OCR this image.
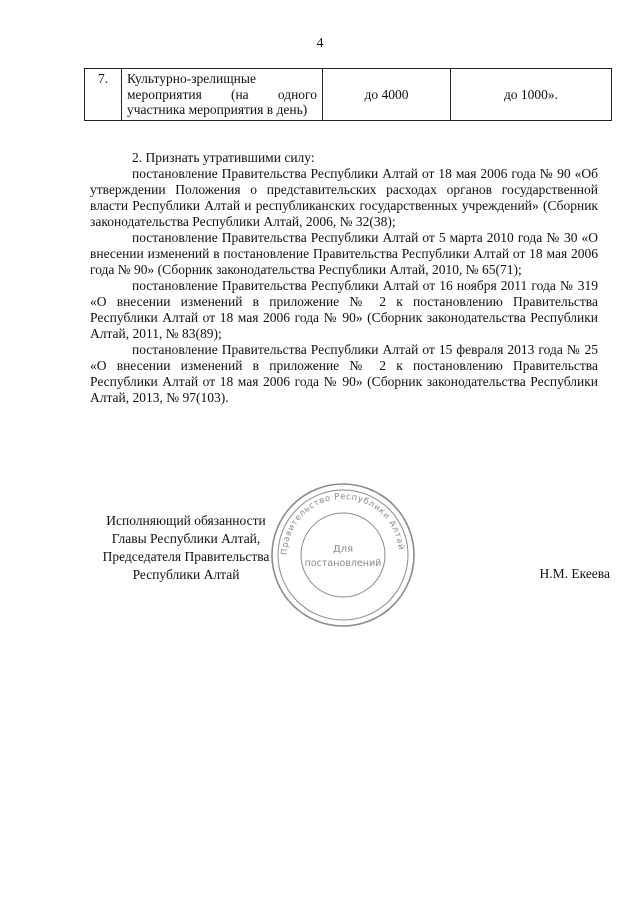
4
7.	Культурно-зрелищные мероприятия (на одного участника мероприятия в день)	до 4000	до 1000».

2. Признать утратившими силу:

постановление Правительства Республики Алтай от 18 мая 2006 года № 90 «Об утверждении Положения о представительских расходах органов государственной власти Республики Алтай и республиканских государственных учреждений» (Сборник законодательства Республики Алтай, 2006, № 32(38);

постановление Правительства Республики Алтай от 5 марта 2010 года № 30 «О внесении изменений в постановление Правительства Республики Алтай от 18 мая 2006 года № 90» (Сборник законодательства Республики Алтай, 2010, № 65(71);

постановление Правительства Республики Алтай от 16 ноября 2011 года № 319 «О внесении изменений в приложение № 2 к постановлению Правительства Республики Алтай от 18 мая 2006 года № 90» (Сборник законодательства Республики Алтай, 2011, № 83(89);

постановление Правительства Республики Алтай от 15 февраля 2013 года № 25 «О внесении изменений в приложение № 2 к постановлению Правительства Республики Алтай от 18 мая 2006 года № 90» (Сборник законодательства Республики Алтай, 2013, № 97(103).

Исполняющий обязанности
Главы Республики Алтай,
Председателя Правительства
Республики Алтай	Н.М. Екеева
Правительство Республики Алтай
Для
постановлений
